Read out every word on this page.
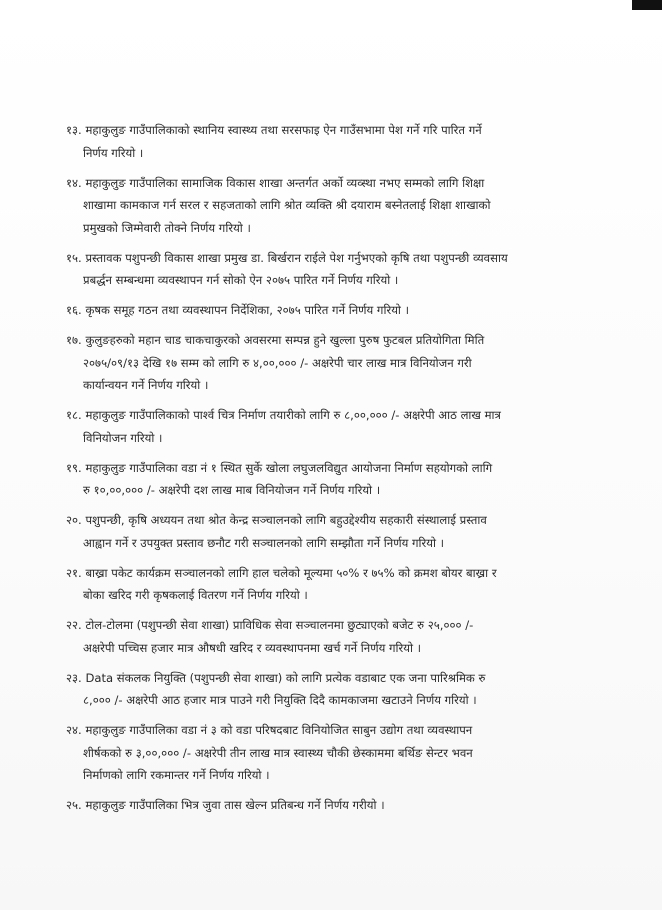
१३. महाकुलुङ गाउँपालिकाको स्थानिय स्वास्थ्य तथा सरसफाइ ऐन गाउँसभामा पेश गर्ने गरि पारित गर्ने
निर्णय गरियो ।
१४. महाकुलुङ गाउँपालिका सामाजिक विकास शाखा अन्तर्गत अर्को व्यव्स्था नभए सम्मको लागि शिक्षा
शाखामा कामकाज गर्न सरल र सहजताको लागि श्रोत व्यक्ति श्री दयाराम बस्नेतलाई शिक्षा शाखाको
प्रमुखको जिम्मेवारी तोक्ने निर्णय गरियो ।
१५. प्रस्तावक पशुपन्छी विकास शाखा प्रमुख डा. बिर्खरान राईले पेश गर्नुभएको कृषि तथा पशुपन्छी व्यवसाय
प्रबर्द्धन सम्बन्धमा व्यवस्थापन गर्न सोको ऐन २०७५ पारित गर्ने निर्णय गरियो ।
१६. कृषक समूह गठन तथा व्यवस्थापन निर्देशिका, २०७५ पारित गर्ने निर्णय गरियो ।
१७. कुलुङहरुको महान चाड चाकचाकुरको अवसरमा सम्पन्न हुने खुल्ला पुरुष फुटबल प्रतियोगिता मिति
२०७५/०९/१३ देखि १७ सम्म को लागि रु ४,००,००० /- अक्षरेपी चार लाख मात्र विनियोजन गरी
कार्यान्वयन गर्ने निर्णय गरियो ।
१८. महाकुलुङ गाउँपालिकाको पार्श्व चित्र निर्माण तयारीको लागि रु ८,००,००० /- अक्षरेपी आठ लाख मात्र
विनियोजन गरियो ।
१९. महाकुलुङ गाउँपालिका वडा नं १ स्थित सुर्के खोला लघुजलविद्युत आयोजना निर्माण सहयोगको लागि
रु १०,००,००० /- अक्षरेपी दश लाख माब विनियोजन गर्ने निर्णय गरियो ।
२०. पशुपन्छी, कृषि अध्ययन तथा श्रोत केन्द्र सञ्चालनको लागि बहुउद्देश्यीय सहकारी संस्थालाई प्रस्ताव
आह्वान गर्ने र उपयुक्त प्रस्ताव छनौट गरी सञ्चालनको लागि सम्झौता गर्ने निर्णय गरियो ।
२१. बाख्रा पकेट कार्यक्रम सञ्चालनको लागि हाल चलेको मूल्यमा ५०% र ७५% को क्रमश बोयर बाख्रा र
बोका खरिद गरी कृषकलाई वितरण गर्ने निर्णय गरियो ।
२२. टोल-टोलमा (पशुपन्छी सेवा शाखा) प्राविधिक सेवा सञ्चालनमा छुट्याएको बजेट रु २५,००० /-
अक्षरेपी पच्चिस हजार मात्र औषधी खरिद र व्यवस्थापनमा खर्च गर्ने निर्णय गरियो ।
२३. Data संकलक नियुक्ति (पशुपन्छी सेवा शाखा) को लागि प्रत्येक वडाबाट एक जना पारिश्रमिक रु
८,००० /- अक्षरेपी आठ हजार मात्र पाउने गरी नियुक्ति दिदै कामकाजमा खटाउने निर्णय गरियो ।
२४. महाकुलुङ गाउँपालिका वडा नं ३ को वडा परिषदबाट विनियोजित साबुन उद्योग तथा व्यवस्थापन
शीर्षकको रु ३,००,००० /- अक्षरेपी तीन लाख मात्र स्वास्थ्य चौकी छेस्काममा बर्थिङ सेन्टर भवन
निर्माणको लागि रकमान्तर गर्ने निर्णय गरियो ।
२५. महाकुलुङ गाउँपालिका भित्र जुवा तास खेल्न प्रतिबन्ध गर्ने निर्णय गरीयो ।
